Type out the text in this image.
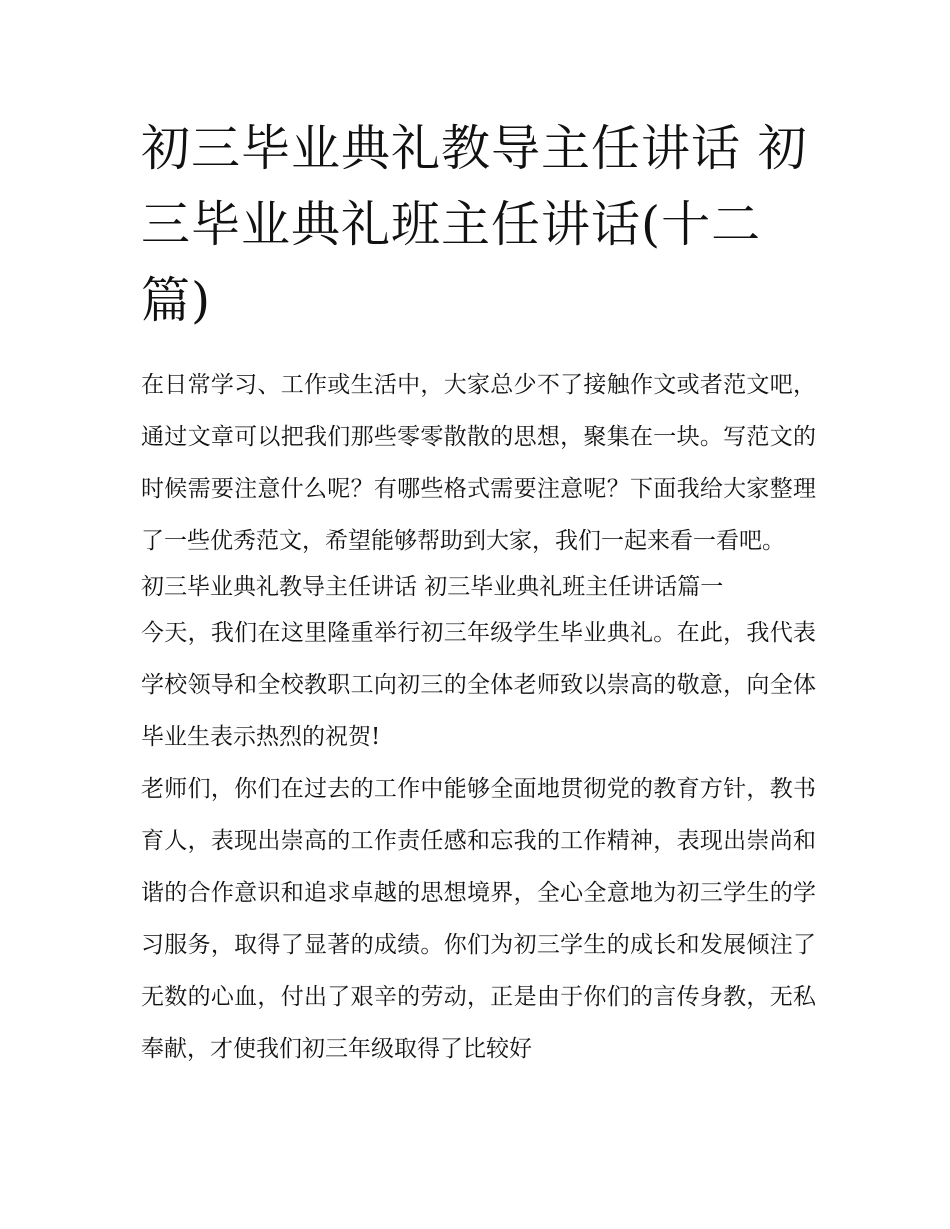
初三毕业典礼教导主任讲话 初三毕业典礼班主任讲话(十二篇)

在日常学习、工作或生活中，大家总少不了接触作文或者范文吧，通过文章可以把我们那些零零散散的思想，聚集在一块。写范文的时候需要注意什么呢？有哪些格式需要注意呢？下面我给大家整理了一些优秀范文，希望能够帮助到大家，我们一起来看一看吧。

初三毕业典礼教导主任讲话 初三毕业典礼班主任讲话篇一

今天，我们在这里隆重举行初三年级学生毕业典礼。在此，我代表学校领导和全校教职工向初三的全体老师致以崇高的敬意，向全体毕业生表示热烈的祝贺!

老师们，你们在过去的工作中能够全面地贯彻党的教育方针，教书育人，表现出崇高的工作责任感和忘我的工作精神，表现出崇尚和谐的合作意识和追求卓越的思想境界，全心全意地为初三学生的学习服务，取得了显著的成绩。你们为初三学生的成长和发展倾注了无数的心血，付出了艰辛的劳动，正是由于你们的言传身教，无私奉献，才使我们初三年级取得了比较好
